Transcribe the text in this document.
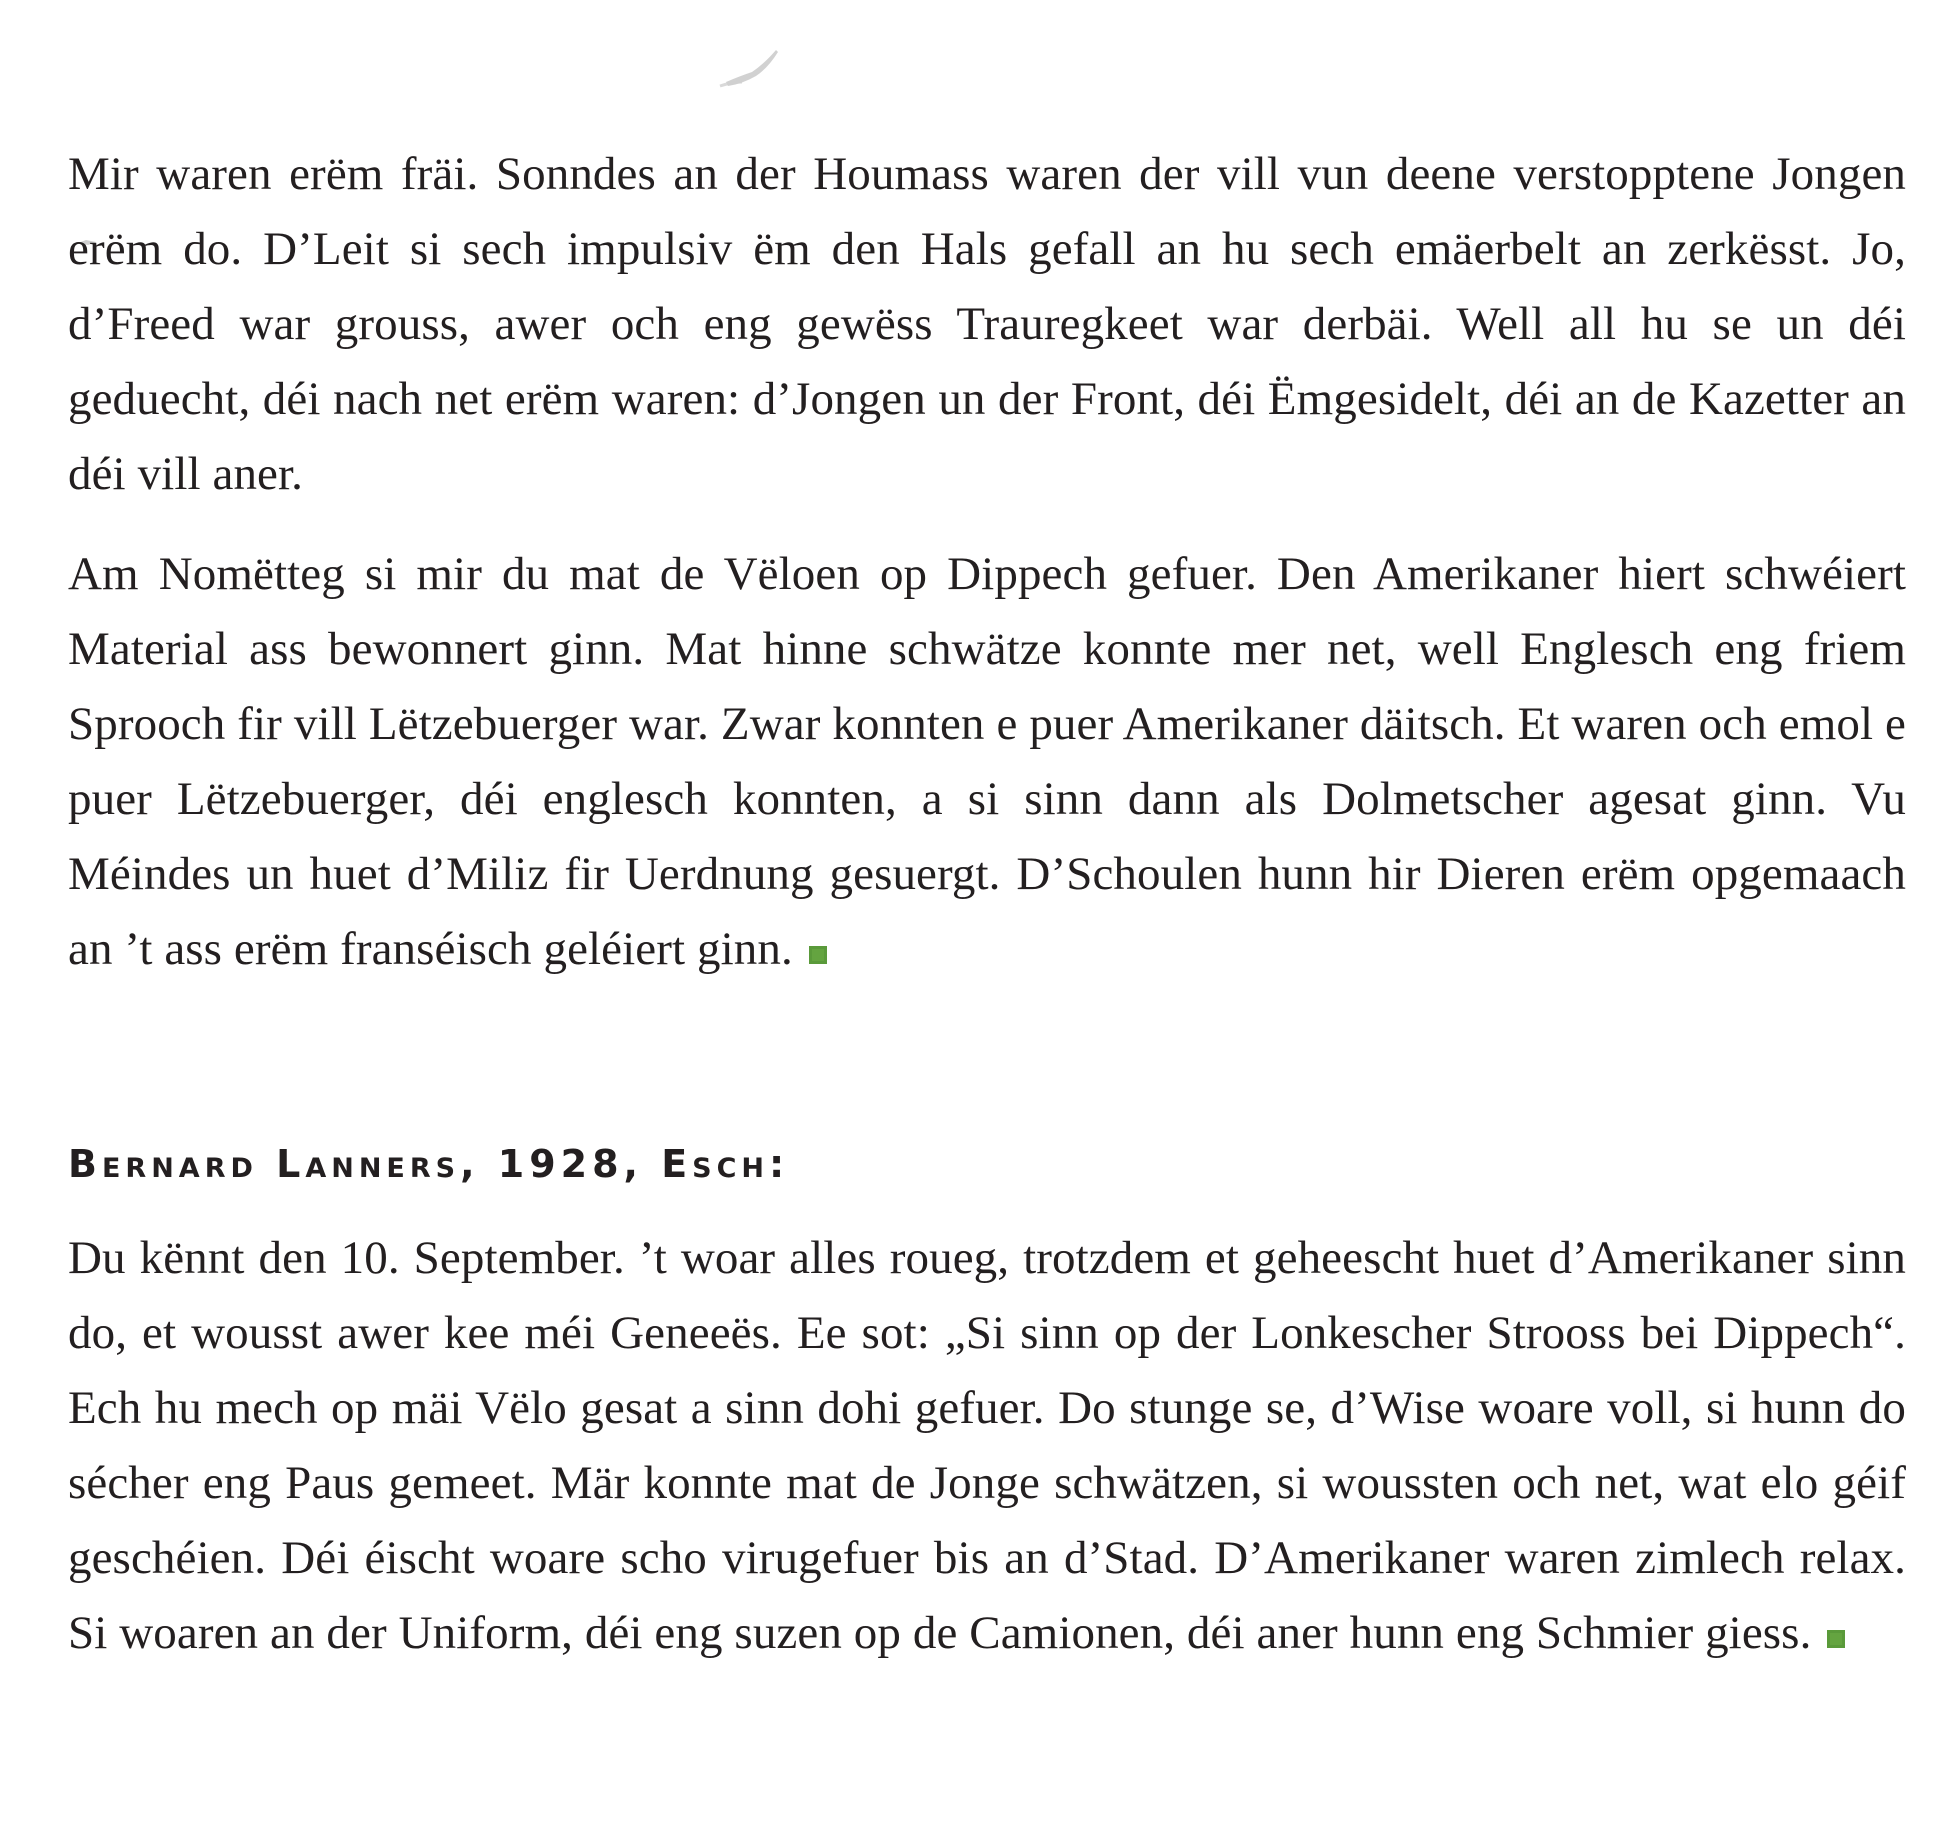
Mir waren erëm fräi. Sonndes an der Houmass waren der vill vun deene verstopptene Jongen erëm do. D’Leit si sech impulsiv ëm den Hals gefall an hu sech emäerbelt an zerkësst. Jo, d’Freed war grouss, awer och eng gewëss Trauregkeet war derbäi. Well all hu se un déi geduecht, déi nach net erëm waren: d’Jongen un der Front, déi Ëmgesidelt, déi an de Kazetter an déi vill aner.

Am Nomëtteg si mir du mat de Vëloen op Dippech gefuer. Den Amerikaner hiert schwéiert Material ass bewonnert ginn. Mat hinne schwätze konnte mer net, well Englesch eng friem Sprooch fir vill Lëtzebuerger war. Zwar konnten e puer Amerikaner däitsch. Et waren och emol e puer Lëtzebuerger, déi englesch konnten, a si sinn dann als Dolmetscher agesat ginn. Vu Méindes un huet d’Miliz fir Uerdnung gesuergt. D’Schoulen hunn hir Dieren erëm opgemaach an ’t ass erëm franséisch geléiert ginn.

Bernard Lanners, 1928, Esch:

Du kënnt den 10. September. ’t woar alles roueg, trotzdem et geheescht huet d’Amerikaner sinn do, et wousst awer kee méi Geneeës. Ee sot: „Si sinn op der Lonkescher Strooss bei Dippech“. Ech hu mech op mäi Vëlo gesat a sinn dohi gefuer. Do stunge se, d’Wise woare voll, si hunn do sécher eng Paus gemeet. Mär konnte mat de Jonge schwätzen, si woussten och net, wat elo géif geschéien. Déi éischt woare scho virugefuer bis an d’Stad. D’Amerikaner waren zimlech relax. Si woaren an der Uniform, déi eng suzen op de Camionen, déi aner hunn eng Schmier giess.
